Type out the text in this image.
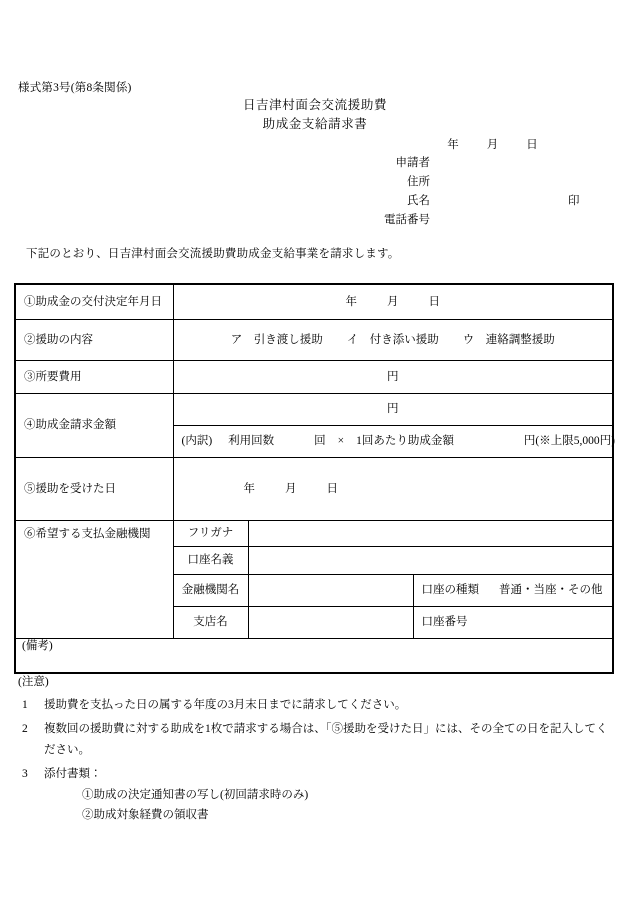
様式第3号(第8条関係)
日吉津村面会交流援助費
助成金支給請求書
年 月 日
申請者
住所
氏名	印
電話番号
下記のとおり、日吉津村面会交流援助費助成金支給事業を請求します。
①助成金の交付決定年月日	年 月 日		
②援助の内容	ア　引き渡し援助 イ　付き添い援助 ウ　連絡調整援助		
③所要費用	円		
④助成金請求金額	円		
	(内訳) 利用回数 回 × 1回あたり助成金額 円(※上限5,000円)		
⑤援助を受けた日	年 月 日		
⑥希望する支払金融機関	フリガナ		
	口座名義		
	金融機関名		口座の種類 普通・当座・その他
	支店名		口座番号
(備考)			
(注意)
1 援助費を支払った日の属する年度の3月末日までに請求してください。
2 複数回の援助費に対する助成を1枚で請求する場合は、「⑤援助を受けた日」には、その全ての日を記入してください。
3 添付書類：
①助成の決定通知書の写し(初回請求時のみ)
②助成対象経費の領収書
